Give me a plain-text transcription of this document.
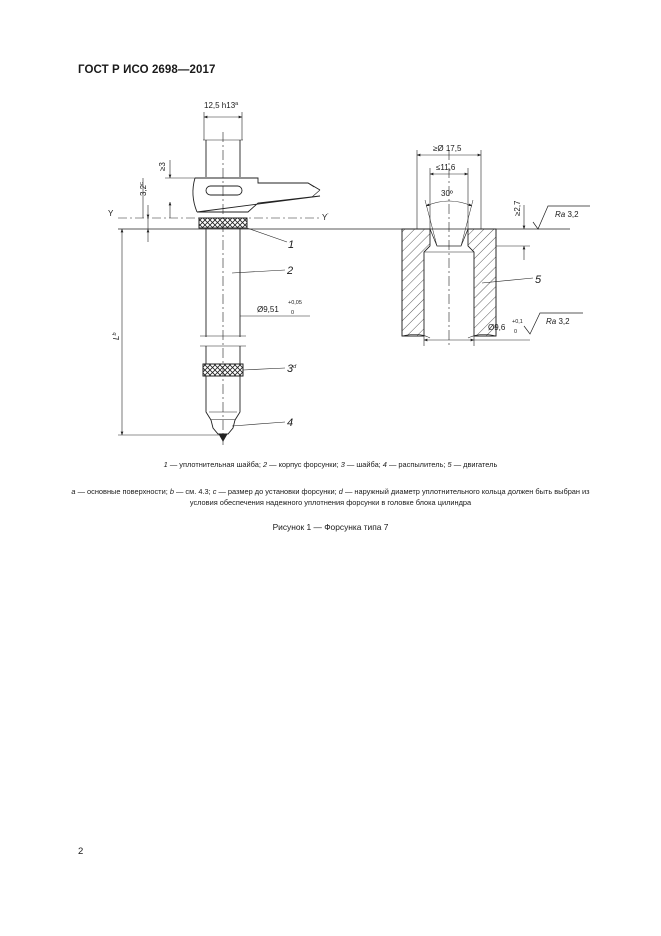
ГОСТ Р ИСО 2698—2017
12,5 $h13^a$
≥3
3,2$^c$
Y	Y'
$L^b$
Ø9,51
+0,05
0
≥Ø 17,5
≤11,6
30º
≥2,7	Ra 3,2
Ø9,6
+0,1
0
Ra 3,2
1
2
3$^d$
4
5
1 — уплотнительная шайба; 2 — корпус форсунки; 3 — шайба; 4 — распылитель; 5 — двигатель
a — основные поверхности; b — см. 4.3; c — размер до установки форсунки; d — наружный диаметр уплотнительного кольца должен быть выбран из условия обеспечения надежного уплотнения форсунки в головке блока цилиндра
Рисунок 1 — Форсунка типа 7
2
